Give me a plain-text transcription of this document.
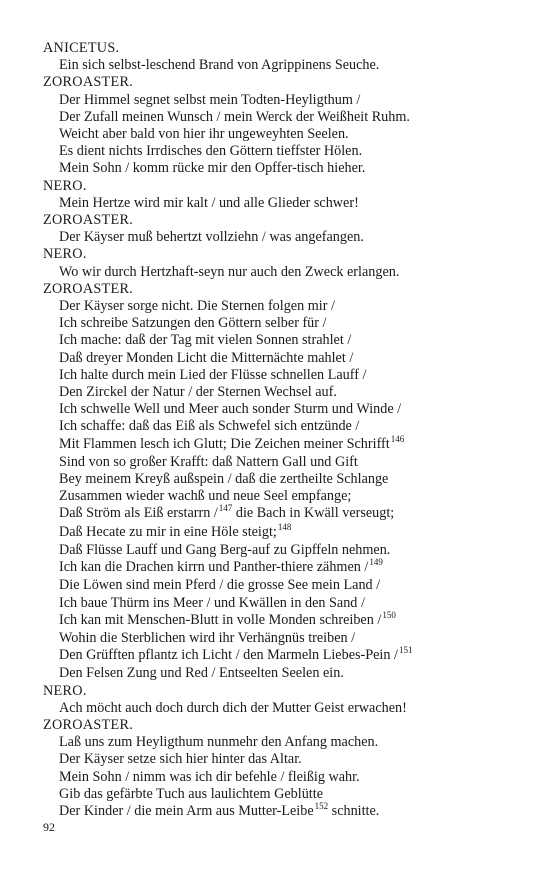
ANICETUS.
Ein sich selbst-leschend Brand von Agrippinens Seuche.
ZOROASTER.
Der Himmel segnet selbst mein Todten-Heyligthum /
Der Zufall meinen Wunsch / mein Werck der Weißheit Ruhm.
Weicht aber bald von hier ihr ungeweyhten Seelen.
Es dient nichts Irrdisches den Göttern tieffster Hölen.
Mein Sohn / komm rücke mir den Opffer-tisch hieher.
NERO.
Mein Hertze wird mir kalt / und alle Glieder schwer!
ZOROASTER.
Der Käyser muß behertzt vollziehn / was angefangen.
NERO.
Wo wir durch Hertzhaft-seyn nur auch den Zweck erlangen.
ZOROASTER.
Der Käyser sorge nicht. Die Sternen folgen mir /
Ich schreibe Satzungen den Göttern selber für /
Ich mache: daß der Tag mit vielen Sonnen strahlet /
Daß dreyer Monden Licht die Mitternächte mahlet /
Ich halte durch mein Lied der Flüsse schnellen Lauff /
Den Zirckel der Natur / der Sternen Wechsel auf.
Ich schwelle Well und Meer auch sonder Sturm und Winde /
Ich schaffe: daß das Eiß als Schwefel sich entzünde /
Mit Flammen lesch ich Glutt; Die Zeichen meiner Schrifft$^{146}$
Sind von so großer Krafft: daß Nattern Gall und Gift
Bey meinem Kreyß außspein / daß die zertheilte Schlange
Zusammen wieder wachß und neue Seel empfange;
Daß Ström als Eiß erstarrn /$^{147}$ die Bach in Kwäll verseugt;
Daß Hecate zu mir in eine Höle steigt;$^{148}$
Daß Flüsse Lauff und Gang Berg-auf zu Gipffeln nehmen.
Ich kan die Drachen kirrn und Panther-thiere zähmen /$^{149}$
Die Löwen sind mein Pferd / die grosse See mein Land /
Ich baue Thürm ins Meer / und Kwällen in den Sand /
Ich kan mit Menschen-Blutt in volle Monden schreiben /$^{150}$
Wohin die Sterblichen wird ihr Verhängnüs treiben /
Den Grüfften pflantz ich Licht / den Marmeln Liebes-Pein /$^{151}$
Den Felsen Zung und Red / Entseelten Seelen ein.
NERO.
Ach möcht auch doch durch dich der Mutter Geist erwachen!
ZOROASTER.
Laß uns zum Heyligthum nunmehr den Anfang machen.
Der Käyser setze sich hier hinter das Altar.
Mein Sohn / nimm was ich dir befehle / fleißig wahr.
Gib das gefärbte Tuch aus laulichtem Geblütte
Der Kinder / die mein Arm aus Mutter-Leibe$^{152}$ schnitte.
92
